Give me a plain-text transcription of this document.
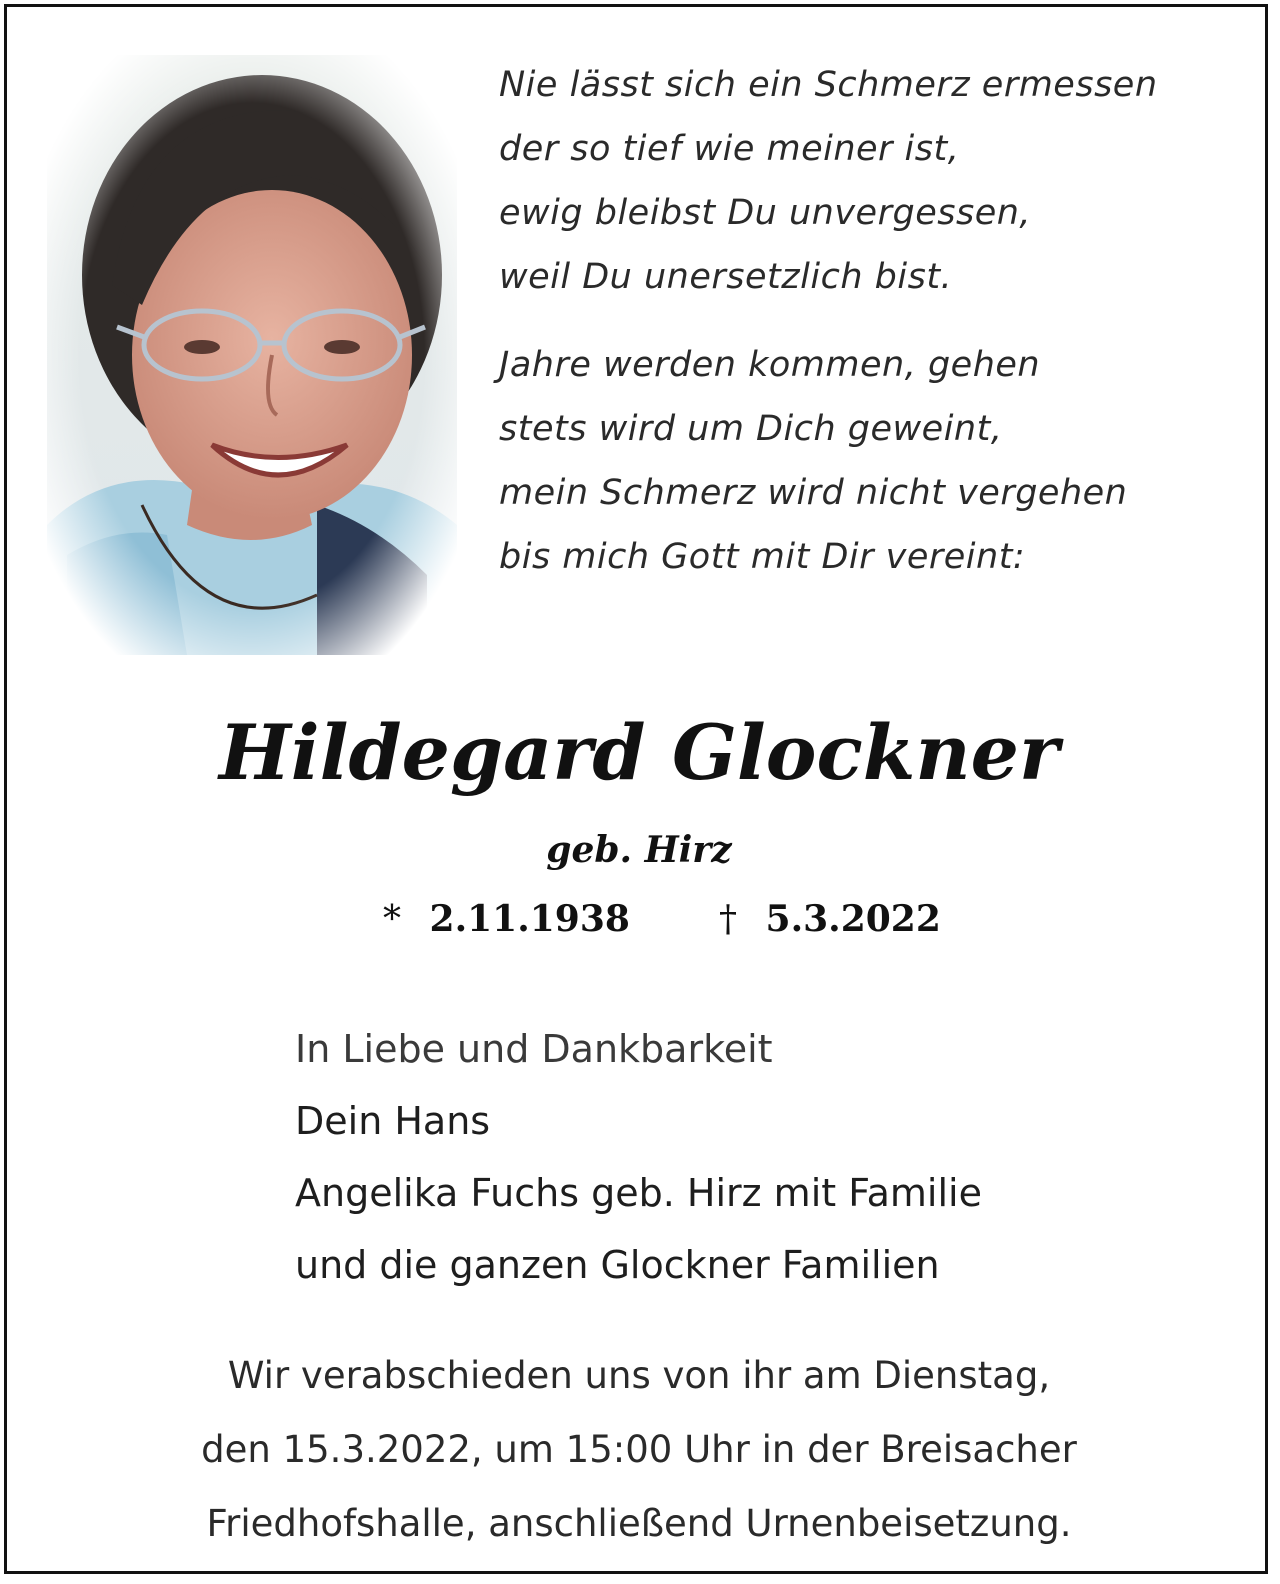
Nie lässt sich ein Schmerz ermessen
der so tief wie meiner ist,
ewig bleibst Du unvergessen,
weil Du unersetzlich bist.
Jahre werden kommen, gehen
stets wird um Dich geweint,
mein Schmerz wird nicht vergehen
bis mich Gott mit Dir vereint:
Hildegard Glockner
geb. Hirz
* 2.11.1938	† 5.3.2022
In Liebe und Dankbarkeit
Dein Hans
Angelika Fuchs geb. Hirz mit Familie
und die ganzen Glockner Familien
Wir verabschieden uns von ihr am Dienstag,
den 15.3.2022, um 15:00 Uhr in der Breisacher
Friedhofshalle, anschließend Urnenbeisetzung.
